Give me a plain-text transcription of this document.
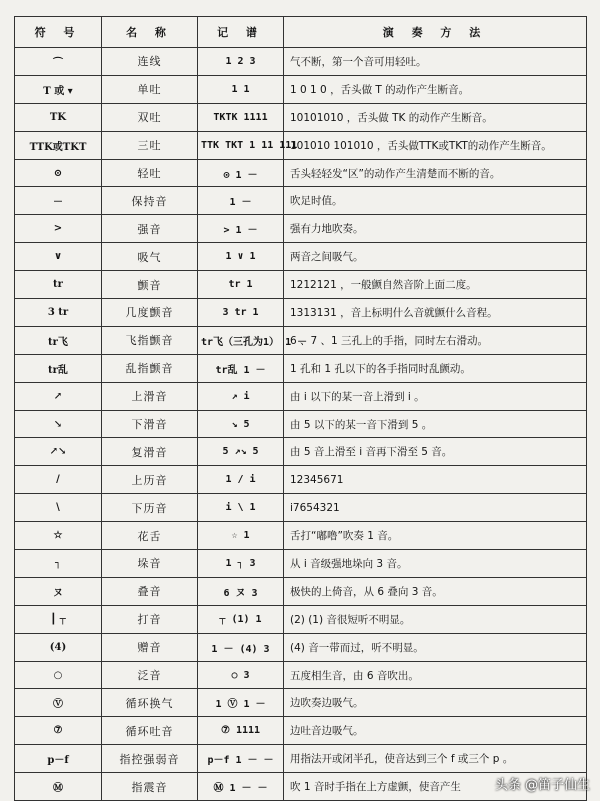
符 号	名 称	记 谱	演 奏 方 法
⌒	连线	1 2 3	气不断，第一个音可用轻吐。
T 或 ▾	单吐	1 1	1 0 1 0 ，舌头做 T 的动作产生断音。
TK	双吐	TKTK 1111	10101010 ，舌头做 TK 的动作产生断音。
TTK或TKT	三吐	TTK TKT 1 11 111	101010 101010 ，舌头做TTK或TKT的动作产生断音。
⊙	轻吐	⊙ 1 －	舌头轻轻发“区”的动作产生清楚而不断的音。
－	保持音	1 －	吹足时值。
>	强音	> 1 －	强有力地吹奏。
∨	吸气	1 ∨ 1	两音之间吸气。
tr	颤音	tr 1	1212121 ，一般颤自然音阶上面二度。
3 tr	几度颤音	3 tr 1	1313131 ，音上标明什么音就颤什么音程。
tr飞	飞指颤音	tr飞（三孔为1） 1 －	6 、7 、1 三孔上的手指，同时左右滑动。
tr乱	乱指颤音	tr乱 1 －	1 孔和 1 孔以下的各手指同时乱颤动。
↗	上滑音	↗ i	由 i 以下的某一音上滑到 i 。
↘	下滑音	↘ 5	由 5 以下的某一音下滑到 5 。
↗↘	复滑音	5 ↗↘ 5	由 5 音上滑至 i 音再下滑至 5 音。
/	上历音	1 / i	12345671
\	下历音	i \ 1	i7654321
☆	花舌	☆ 1	舌打“嘟噜”吹奏 1 音。
┐	垛音	1 ┐ 3	从 i 音级强地垛向 3 音。
ヌ	叠音	6 ヌ 3	极快的上倚音，从 6 叠向 3 音。
┃ ┬	打音	┬ (1) 1	(2) (1) 音很短听不明显。
(4)	赠音	1 － (4) 3	(4) 音一带而过，听不明显。
○	泛音	○ 3	五度相生音，由 6 音吹出。
Ⓥ	循环换气	1 Ⓥ 1 －	边吹奏边吸气。
⑦	循环吐音	⑦ 1111	边吐音边吸气。
p－f	指控强弱音	p－f 1 － －	用指法开或闭半孔，使音达到三个 f 或三个 p 。
Ⓜ	指震音	Ⓜ 1 － －	吹 1 音时手指在上方虚颤，使音产生	头条 @笛子仙生
